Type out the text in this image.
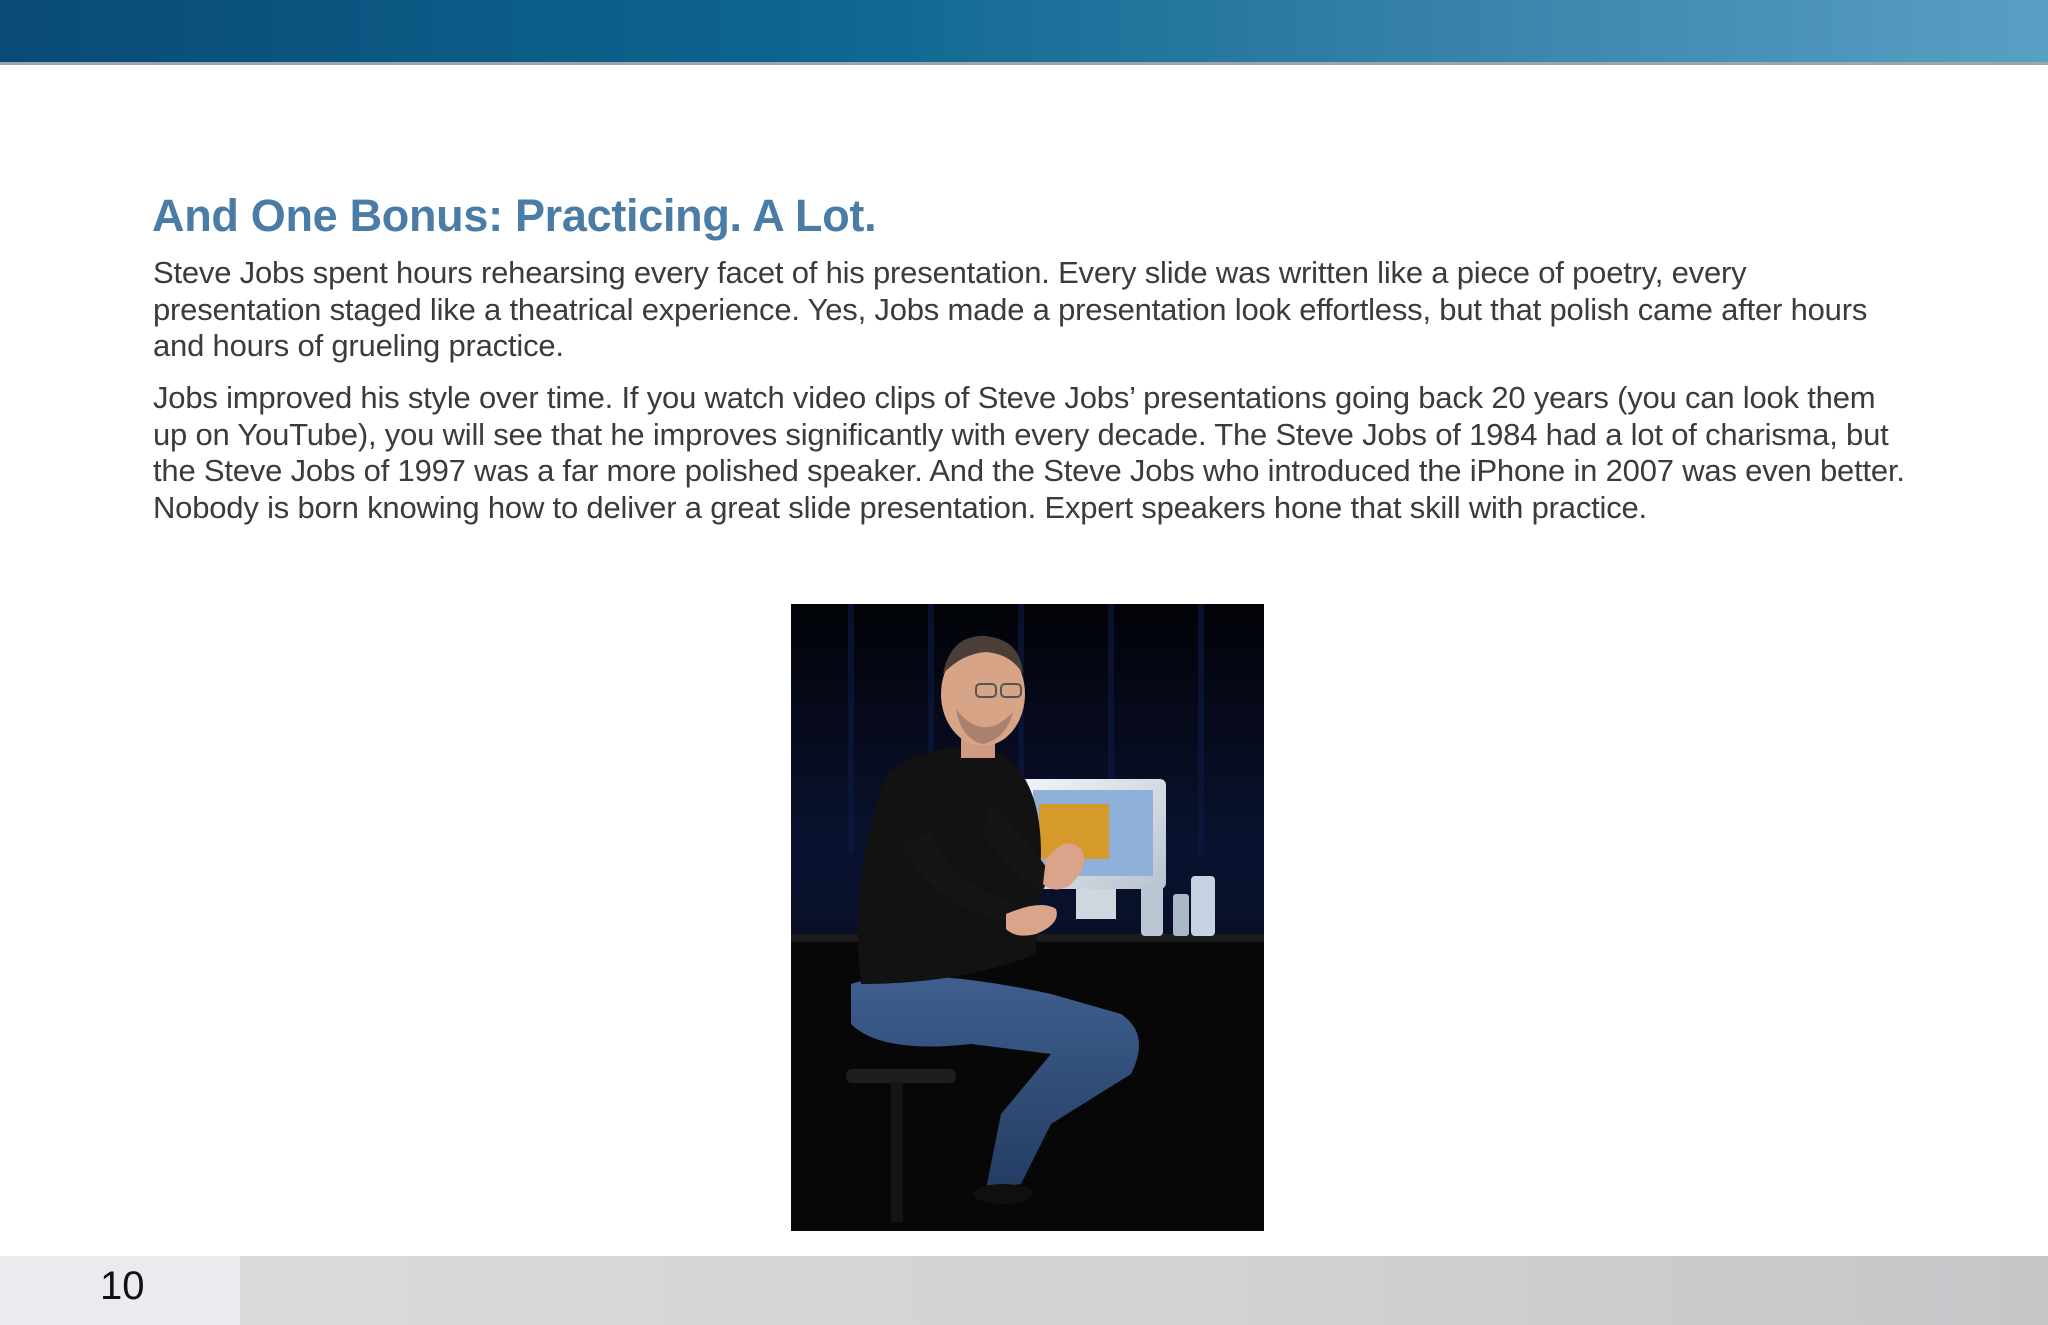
And One Bonus: Practicing. A Lot.

Steve Jobs spent hours rehearsing every facet of his presentation. Every slide was written like a piece of poetry, every presentation staged like a theatrical experience. Yes, Jobs made a presentation look effortless, but that polish came after hours and hours of grueling practice.

Jobs improved his style over time. If you watch video clips of Steve Jobs’ presentations going back 20 years (you can look them up on YouTube), you will see that he improves significantly with every decade. The Steve Jobs of 1984 had a lot of charisma, but the Steve Jobs of 1997 was a far more polished speaker. And the Steve Jobs who introduced the iPhone in 2007 was even better. Nobody is born knowing how to deliver a great slide presentation. Expert speakers hone that skill with practice.

10
